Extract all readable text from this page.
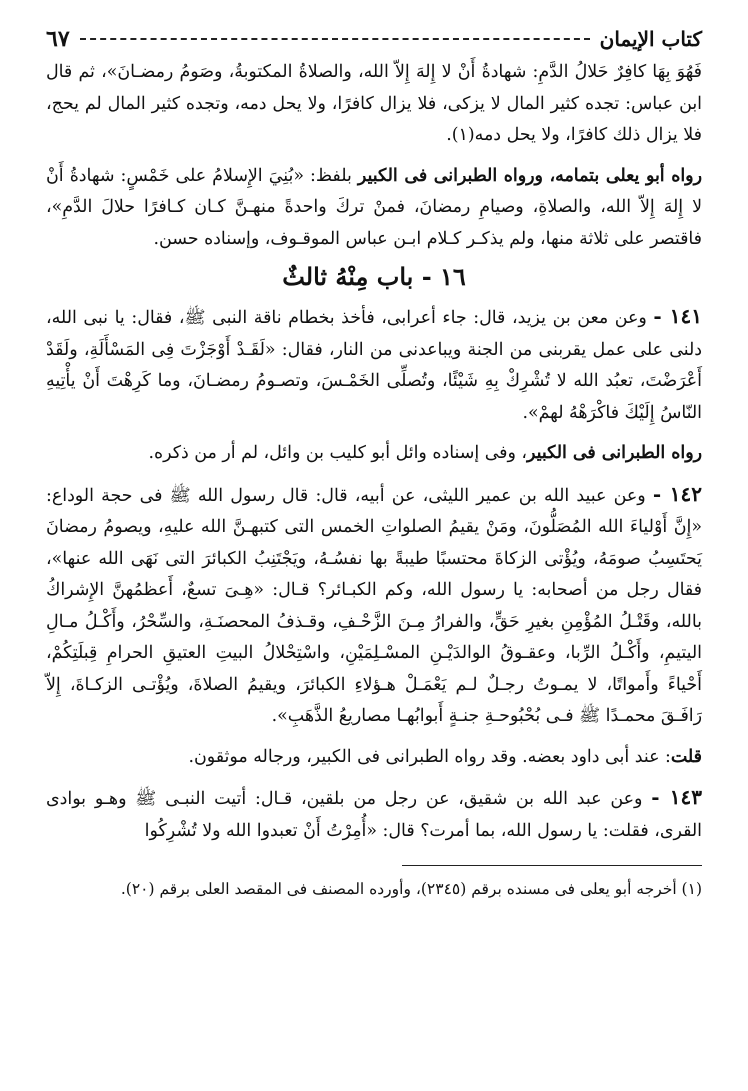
كتاب الإيمان
٦٧

فَهُوَ بِهَا كافِرٌ حَلالُ الدَّمِ: شهادةُ أَنْ لا إِلهَ إِلاّ الله، والصلاةُ المكتوبةُ، وصَومُ رمضـانَ»، ثم قال ابن عباس: تجده كثير المال لا يزكى، فلا يزال كافرًا، ولا يحل دمه، وتجده كثير المال لم يحج، فلا يزال ذلك كافرًا، ولا يحل دمه(١).

رواه أبو يعلى بتمامه، ورواه الطبرانى فى الكبير بلفظ: «بُنِيَ الإِسلامُ على خَمْسٍ: شهادةُ أَنْ لا إِلهَ إِلاّ الله، والصلاةِ، وصيامِ رمضانَ، فمنْ تركَ واحدةً منهـنَّ كـان كـافرًا حلالَ الدَّمِ»، فاقتصر على ثلاثة منها، ولم يذكـر كـلام ابـن عباس الموقـوف، وإسناده حسن.

١٦ - باب مِنْهُ ثالثٌ

١٤١ - وعن معن بن يزيد، قال: جاء أعرابى، فأخذ بخطام ناقة النبى ﷺ، فقال: يا نبى الله، دلنى على عمل يقربنى من الجنة ويباعدنى من النار، فقال: «لَقَـدْ أَوْجَزْتَ فِى المَسْأَلَةِ، ولَقَدْ أَعْرَضْتَ، تعبُد الله لا تُشْرِكْ بِهِ شَيْئًا، وتُصلِّى الخَمْـسَ، وتصـومُ رمضـانَ، وما كَرِهْتَ أَنْ يأْتِيهِ النّاسُ إِلَيْكَ فاكْرَهْهُ لهمْ».

رواه الطبرانى فى الكبير، وفى إسناده وائل أبو كليب بن وائل، لم أر من ذكره.

١٤٢ - وعن عبيد الله بن عمير الليثى، عن أبيه، قال: قال رسول الله ﷺ فى حجة الوداع: «إِنَّ أَوْلياءَ الله المُصَلُّونَ، ومَنْ يقيمُ الصلواتِ الخمس التى كتبهـنَّ الله عليهِ، ويصومُ رمضانَ يَحتَسِبُ صومَهُ، ويُؤْتى الزكاةَ محتسبًا طيبةً بها نفسُـهُ، ويَجْتَنِبُ الكبائرَ التى نَهَى الله عنها»، فقال رجل من أصحابه: يا رسول الله، وكم الكبـائر؟ قـال: «هِـىَ تسعٌ، أَعظمُهنَّ الإِشراكُ بالله، وقَتْـلُ المُؤْمِنِ بغيرِ حَقٍّ، والفرارُ مِـنَ الزَّحْـفِ، وقـذفُ المحصنَـةِ، والسِّحْرُ، وأَكْـلُ مـالِ اليتيمِ، وأَكْـلُ الرِّبا، وعقـوقُ الوالدَيْـنِ المسْـلِمَيْنِ، واسْتِحْلالُ البيتِ العتيقِ الحرامِ قِبلَتِكُمْ، أَحْياءً وأَمواتًا، لا يمـوتُ رجـلٌ لـم يَعْمَـلْ هـؤلاءِ الكبائرَ، ويقيمُ الصلاةَ، ويُؤْتـى الزكـاةَ، إِلاّ رَافَـقَ محمـدًا ﷺ فـى بُحْبُوحـةِ جنـةٍ أَبوابُهـا مصاريعُ الذَّهَبِ».

قلت: عند أبى داود بعضه. وقد رواه الطبرانى فى الكبير، ورجاله موثقون.

١٤٣ - وعن عبد الله بن شقيق، عن رجل من بلقين، قـال: أتيت النبـى ﷺ وهـو بوادى القرى، فقلت: يا رسول الله، بما أمرت؟ قال: «أُمِرْتُ أَنْ تعبدوا الله ولا تُشْرِكُوا

(١) أخرجه أبو يعلى فى مسنده برقم (٢٣٤٥)، وأورده المصنف فى المقصد العلى برقم (٢٠).
